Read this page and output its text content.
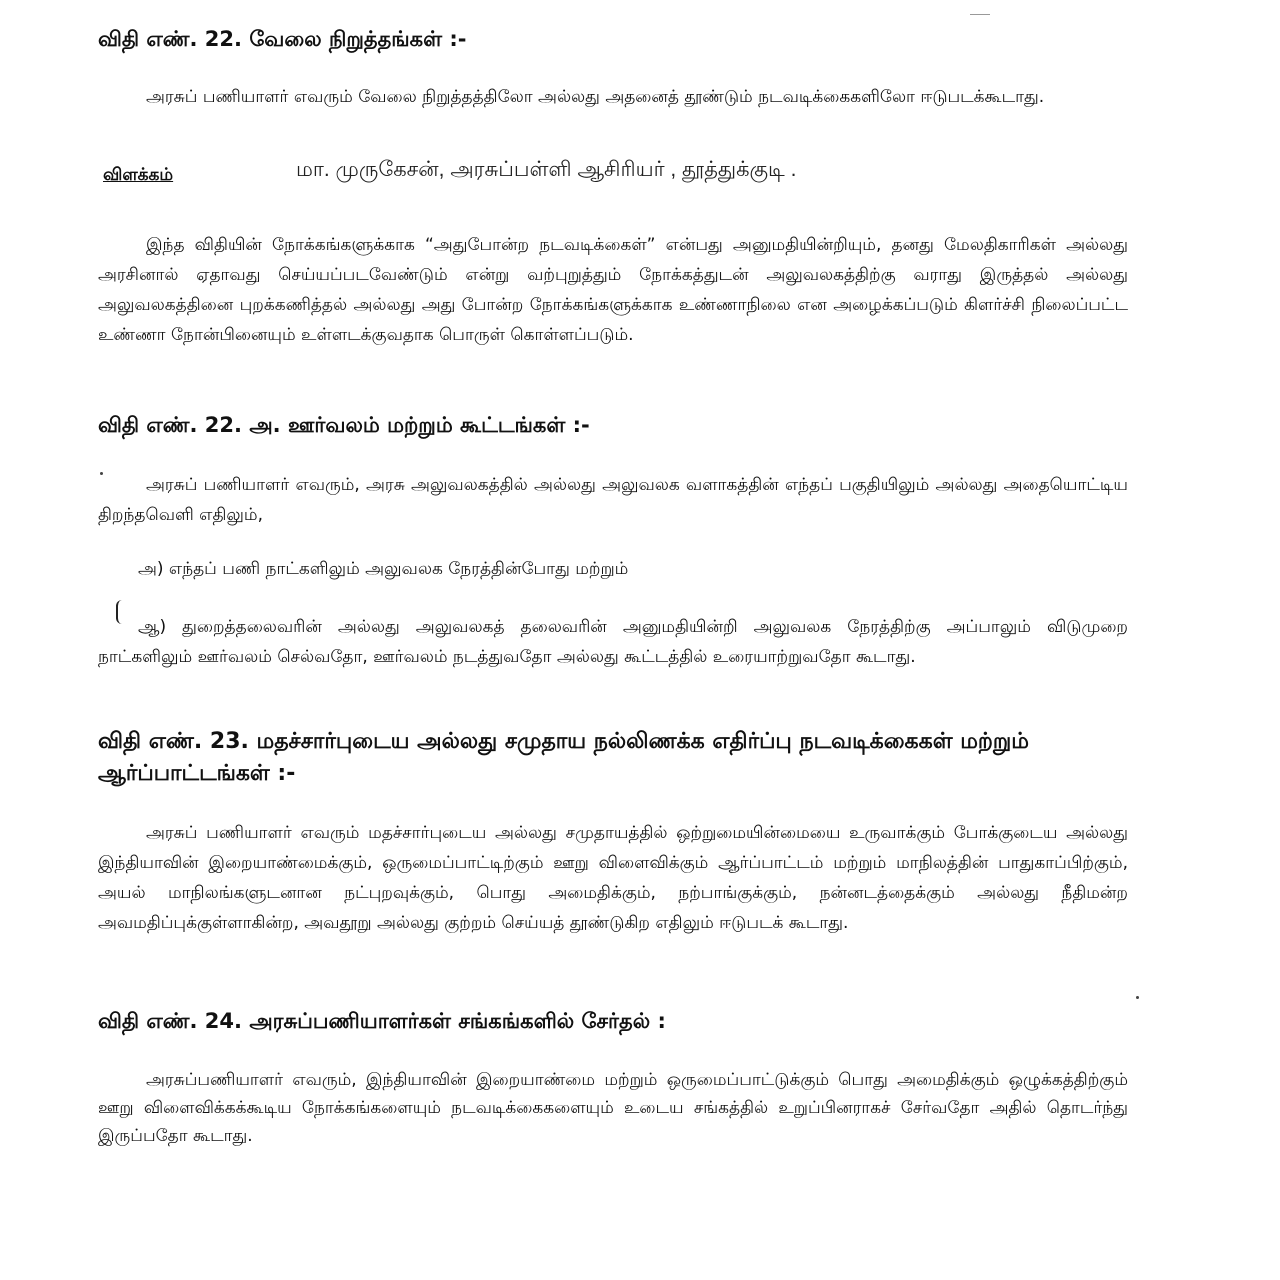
விதி எண். 22. வேலை நிறுத்தங்கள் :-
அரசுப் பணியாளர் எவரும் வேலை நிறுத்தத்திலோ அல்லது அதனைத் தூண்டும் நடவடிக்கைகளிலோ ஈடுபடக்கூடாது.
விளக்கம்	மா. முருகேசன், அரசுப்பள்ளி ஆசிரியர் , தூத்துக்குடி .
இந்த விதியின் நோக்கங்களுக்காக “அதுபோன்ற நடவடிக்கைள்” என்பது அனுமதியின்றியும், தனது மேலதிகாரிகள் அல்லது அரசினால் ஏதாவது செய்யப்படவேண்டும் என்று வற்புறுத்தும் நோக்கத்துடன் அலுவலகத்திற்கு வராது இருத்தல் அல்லது அலுவலகத்தினை புறக்கணித்தல் அல்லது அது போன்ற நோக்கங்களுக்காக உண்ணாநிலை என அழைக்கப்படும் கிளர்ச்சி நிலைப்பட்ட உண்ணா நோன்பினையும் உள்ளடக்குவதாக பொருள் கொள்ளப்படும்.
விதி எண். 22. அ. ஊர்வலம் மற்றும் கூட்டங்கள் :-
அரசுப் பணியாளர் எவரும், அரசு அலுவலகத்தில் அல்லது அலுவலக வளாகத்தின் எந்தப் பகுதியிலும் அல்லது அதையொட்டிய திறந்தவெளி எதிலும்,
அ) எந்தப் பணி நாட்களிலும் அலுவலக நேரத்தின்போது மற்றும்
ஆ) துறைத்தலைவரின் அல்லது அலுவலகத் தலைவரின் அனுமதியின்றி அலுவலக நேரத்திற்கு அப்பாலும் விடுமுறை நாட்களிலும் ஊர்வலம் செல்வதோ, ஊர்வலம் நடத்துவதோ அல்லது கூட்டத்தில் உரையாற்றுவதோ கூடாது.
விதி எண். 23. மதச்சார்புடைய அல்லது சமுதாய நல்லிணக்க எதிர்ப்பு நடவடிக்கைகள் மற்றும் ஆர்ப்பாட்டங்கள் :-
அரசுப் பணியாளர் எவரும் மதச்சார்புடைய அல்லது சமுதாயத்தில் ஒற்றுமையின்மையை உருவாக்கும் போக்குடைய அல்லது இந்தியாவின் இறையாண்மைக்கும், ஒருமைப்பாட்டிற்கும் ஊறு விளைவிக்கும் ஆர்ப்பாட்டம் மற்றும் மாநிலத்தின் பாதுகாப்பிற்கும், அயல் மாநிலங்களுடனான நட்புறவுக்கும், பொது அமைதிக்கும், நற்பாங்குக்கும், நன்னடத்தைக்கும் அல்லது நீதிமன்ற அவமதிப்புக்குள்ளாகின்ற, அவதூறு அல்லது குற்றம் செய்யத் தூண்டுகிற எதிலும் ஈடுபடக் கூடாது.
விதி எண். 24. அரசுப்பணியாளர்கள் சங்கங்களில் சேர்தல் :
அரசுப்பணியாளர் எவரும், இந்தியாவின் இறையாண்மை மற்றும் ஒருமைப்பாட்டுக்கும் பொது அமைதிக்கும் ஒழுக்கத்திற்கும் ஊறு விளைவிக்கக்கூடிய நோக்கங்களையும் நடவடிக்கைகளையும் உடைய சங்கத்தில் உறுப்பினராகச் சேர்வதோ அதில் தொடர்ந்து இருப்பதோ கூடாது.
